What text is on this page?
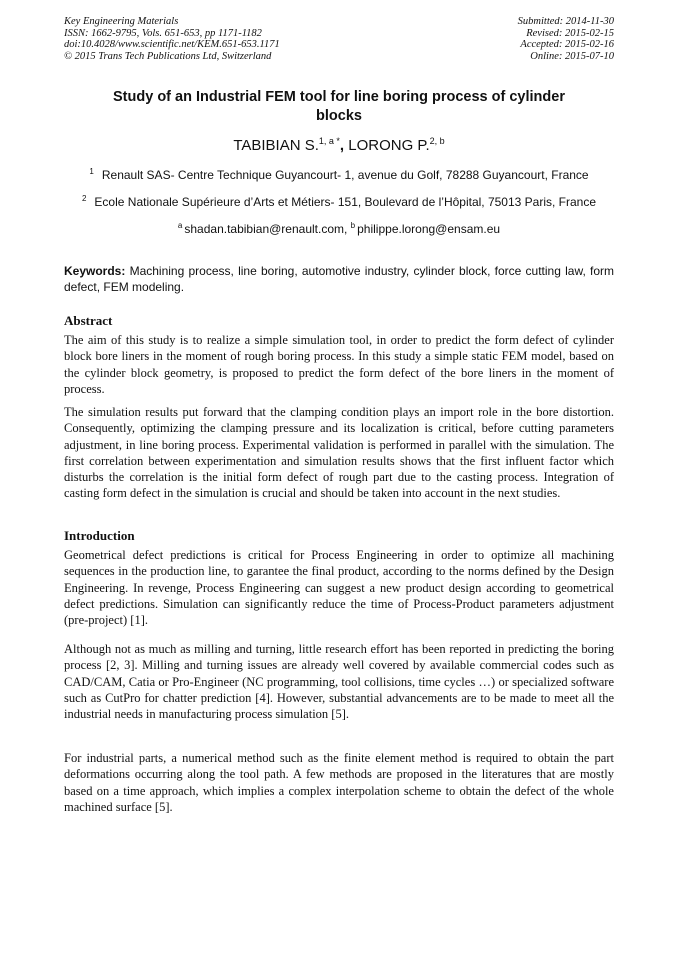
Key Engineering Materials
ISSN: 1662-9795, Vols. 651-653, pp 1171-1182
doi:10.4028/www.scientific.net/KEM.651-653.1171
© 2015 Trans Tech Publications Ltd, Switzerland
Submitted: 2014-11-30
Revised: 2015-02-15
Accepted: 2015-02-16
Online: 2015-07-10
Study of an Industrial FEM tool for line boring process of cylinder
blocks
TABIBIAN S.$^{1, a *}$, LORONG P.$^{2, b}$
$^1$ Renault SAS- Centre Technique Guyancourt- 1, avenue du Golf, 78288 Guyancourt, France
$^2$ Ecole Nationale Supérieure d’Arts et Métiers- 151, Boulevard de l’Hôpital, 75013 Paris, France
$^a$ shadan.tabibian@renault.com, $^b$ philippe.lorong@ensam.eu
Keywords: Machining process, line boring, automotive industry, cylinder block, force cutting law, form defect, FEM modeling.
Abstract
The aim of this study is to realize a simple simulation tool, in order to predict the form defect of cylinder block bore liners in the moment of rough boring process. In this study a simple static FEM model, based on the cylinder block geometry, is proposed to predict the form defect of the bore liners in the moment of process.
The simulation results put forward that the clamping condition plays an import role in the bore distortion. Consequently, optimizing the clamping pressure and its localization is critical, before cutting parameters adjustment, in line boring process. Experimental validation is performed in parallel with the simulation. The first correlation between experimentation and simulation results shows that the first influent factor which disturbs the correlation is the initial form defect of rough part due to the casting process. Integration of casting form defect in the simulation is crucial and should be taken into account in the next studies.
Introduction
Geometrical defect predictions is critical for Process Engineering in order to optimize all machining sequences in the production line, to garantee the final product, according to the norms defined by the Design Engineering. In revenge, Process Engineering can suggest a new product design according to geometrical defect predictions. Simulation can significantly reduce the time of Process-Product parameters adjustment (pre-project) [1].
Although not as much as milling and turning, little research effort has been reported in predicting the boring process [2, 3]. Milling and turning issues are already well covered by available commercial codes such as CAD/CAM, Catia or Pro-Engineer (NC programming, tool collisions, time cycles …) or specialized software such as CutPro for chatter prediction [4]. However, substantial advancements are to be made to meet all the industrial needs in manufacturing process simulation [5].
For industrial parts, a numerical method such as the finite element method is required to obtain the part deformations occurring along the tool path. A few methods are proposed in the literatures that are mostly based on a time approach, which implies a complex interpolation scheme to obtain the defect of the whole machined surface [5].
